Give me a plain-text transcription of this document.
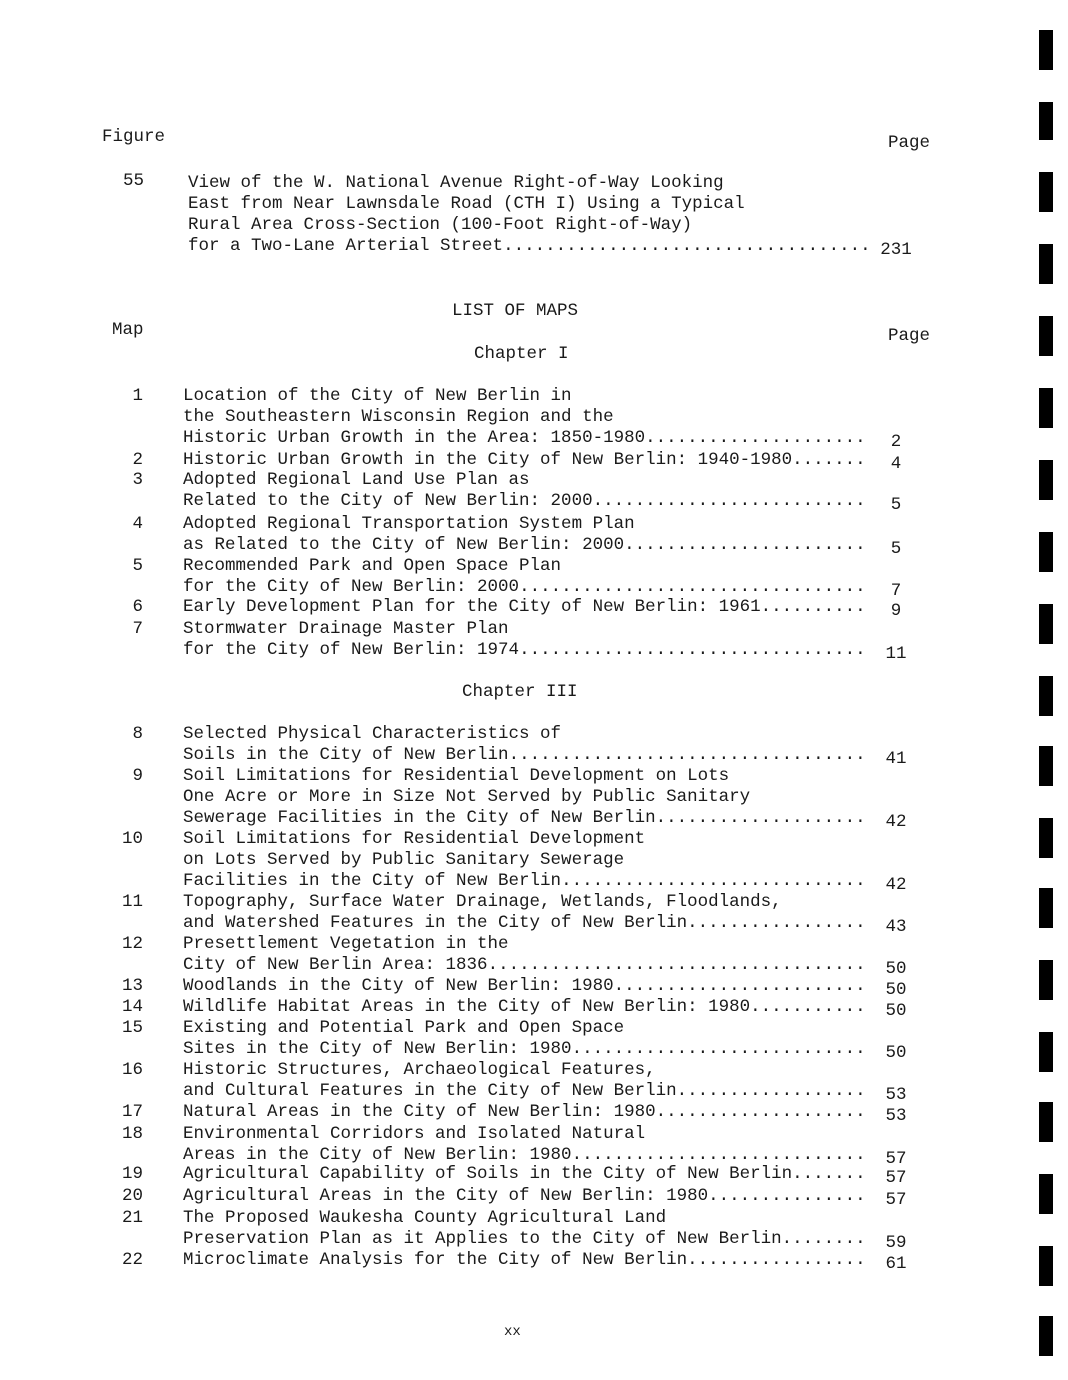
Figure	Page
55	View of the W. National Avenue Right-of-Way Looking
East from Near Lawnsdale Road (CTH I) Using a Typical
Rural Area Cross-Section (100-Foot Right-of-Way)
for a Two-Lane Arterial Street .....	231
LIST OF MAPS
Map	Page
Chapter I
1 Location of the City of New Berlin in
the Southeastern Wisconsin Region and the
Historic Urban Growth in the Area: 1850-1980 .....	2
2 Historic Urban Growth in the City of New Berlin: 1940-1980 .....	4
3 Adopted Regional Land Use Plan as
Related to the City of New Berlin: 2000 .....	5
4 Adopted Regional Transportation System Plan
as Related to the City of New Berlin: 2000 .....	5
5 Recommended Park and Open Space Plan
for the City of New Berlin: 2000 .....	7
6 Early Development Plan for the City of New Berlin: 1961 .....	9
7 Stormwater Drainage Master Plan
for the City of New Berlin: 1974 .....	11
Chapter III
8 Selected Physical Characteristics of
Soils in the City of New Berlin .....	41
9 Soil Limitations for Residential Development on Lots
One Acre or More in Size Not Served by Public Sanitary
Sewerage Facilities in the City of New Berlin .....	42
10 Soil Limitations for Residential Development
on Lots Served by Public Sanitary Sewerage
Facilities in the City of New Berlin .....	42
11 Topography, Surface Water Drainage, Wetlands, Floodlands,
and Watershed Features in the City of New Berlin .....	43
12 Presettlement Vegetation in the
City of New Berlin Area: 1836 .....	50
13 Woodlands in the City of New Berlin: 1980 .....	50
14 Wildlife Habitat Areas in the City of New Berlin: 1980 .....	50
15 Existing and Potential Park and Open Space
Sites in the City of New Berlin: 1980 .....	50
16 Historic Structures, Archaeological Features,
and Cultural Features in the City of New Berlin .....	53
17 Natural Areas in the City of New Berlin: 1980 .....	53
18 Environmental Corridors and Isolated Natural
Areas in the City of New Berlin: 1980 .....	57
19 Agricultural Capability of Soils in the City of New Berlin .....	57
20 Agricultural Areas in the City of New Berlin: 1980 .....	57
21 The Proposed Waukesha County Agricultural Land
Preservation Plan as it Applies to the City of New Berlin .....	59
22 Microclimate Analysis for the City of New Berlin .....	61
xx
